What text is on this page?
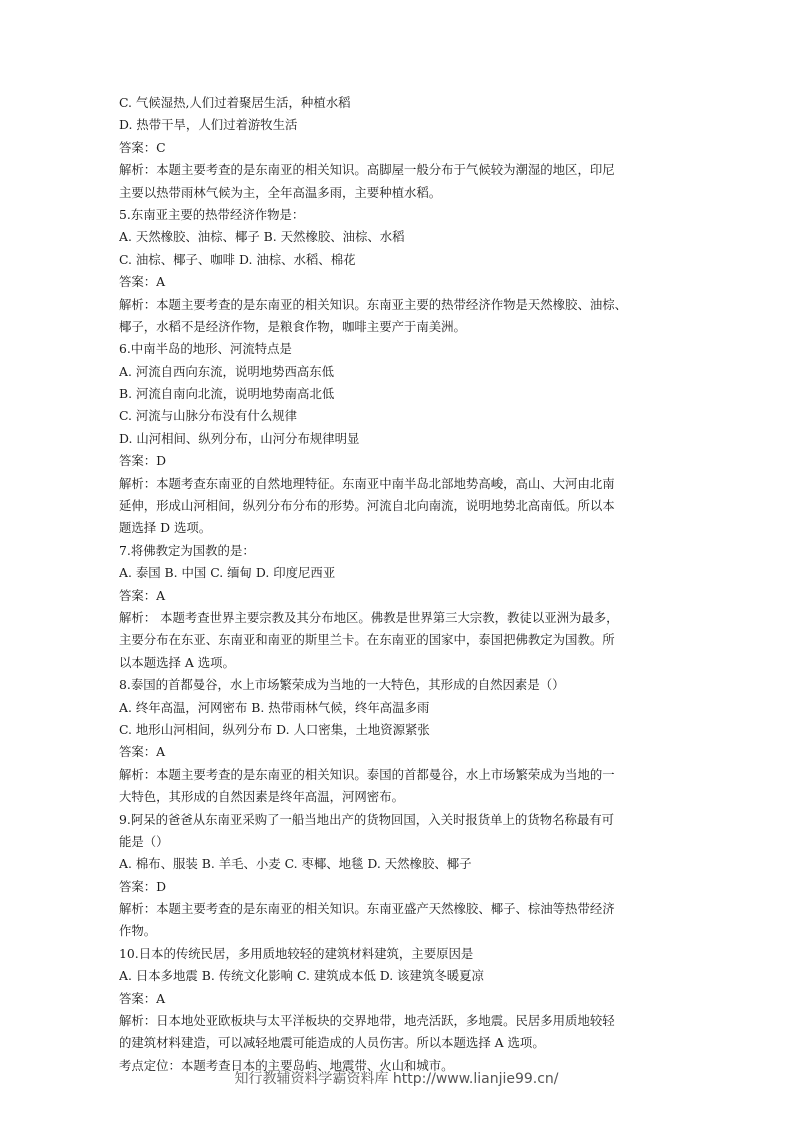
C. 气候湿热,人们过着聚居生活，种植水稻
D. 热带干旱，人们过着游牧生活
答案：C
解析：本题主要考查的是东南亚的相关知识。高脚屋一般分布于气候较为潮湿的地区，印尼
主要以热带雨林气候为主，全年高温多雨，主要种植水稻。
5.东南亚主要的热带经济作物是：
A. 天然橡胶、油棕、椰子 B. 天然橡胶、油棕、水稻
C. 油棕、椰子、咖啡 D. 油棕、水稻、棉花
答案：A
解析：本题主要考查的是东南亚的相关知识。东南亚主要的热带经济作物是天然橡胶、油棕、
椰子，水稻不是经济作物，是粮食作物，咖啡主要产于南美洲。
6.中南半岛的地形、河流特点是
A. 河流自西向东流，说明地势西高东低
B. 河流自南向北流，说明地势南高北低
C. 河流与山脉分布没有什么规律
D. 山河相间、纵列分布，山河分布规律明显
答案：D
解析：本题考查东南亚的自然地理特征。东南亚中南半岛北部地势高峻，高山、大河由北南
延伸，形成山河相间，纵列分布分布的形势。河流自北向南流，说明地势北高南低。所以本
题选择 D 选项。
7.将佛教定为国教的是：
A. 泰国 B. 中国 C. 缅甸 D. 印度尼西亚
答案：A
解析： 本题考查世界主要宗教及其分布地区。佛教是世界第三大宗教，教徒以亚洲为最多，
主要分布在东亚、东南亚和南亚的斯里兰卡。在东南亚的国家中，泰国把佛教定为国教。所
以本题选择 A 选项。
8.泰国的首都曼谷，水上市场繁荣成为当地的一大特色，其形成的自然因素是（）
A. 终年高温，河网密布 B. 热带雨林气候，终年高温多雨
C. 地形山河相间，纵列分布 D. 人口密集，土地资源紧张
答案：A
解析：本题主要考查的是东南亚的相关知识。泰国的首都曼谷，水上市场繁荣成为当地的一
大特色，其形成的自然因素是终年高温，河网密布。
9.阿呆的爸爸从东南亚采购了一船当地出产的货物回国，入关时报货单上的货物名称最有可
能是（）
A. 棉布、服装 B. 羊毛、小麦 C. 枣椰、地毯 D. 天然橡胶、椰子
答案：D
解析：本题主要考查的是东南亚的相关知识。东南亚盛产天然橡胶、椰子、棕油等热带经济
作物。
10.日本的传统民居，多用质地较轻的建筑材料建筑，主要原因是
A. 日本多地震 B. 传统文化影响 C. 建筑成本低 D. 该建筑冬暖夏凉
答案：A
解析：日本地处亚欧板块与太平洋板块的交界地带，地壳活跃，多地震。民居多用质地较轻
的建筑材料建造，可以减轻地震可能造成的人员伤害。所以本题选择 A 选项。
考点定位：本题考查日本的主要岛屿、地震带、火山和城市。
知行教辅资料学霸资料库 http://www.lianjie99.cn/
